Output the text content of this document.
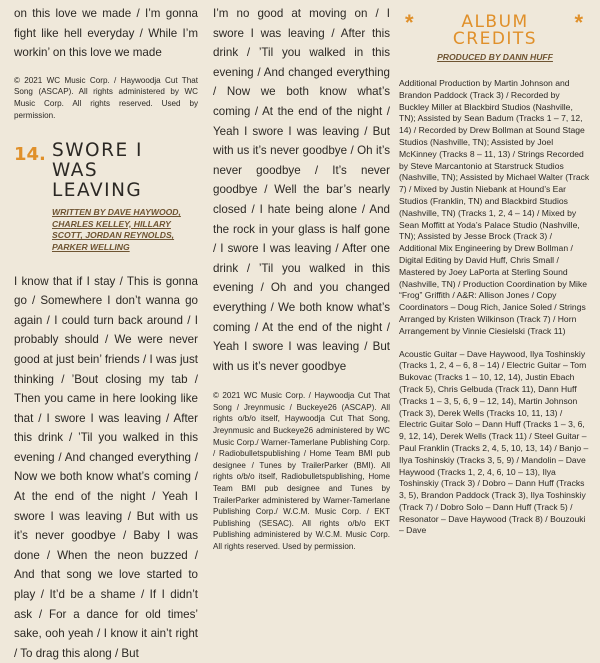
on this love we made / I’m gonna fight like hell everyday / While I’m workin’ on this love we made

© 2021 WC Music Corp. / Haywoodja Cut That Song (ASCAP). All rights administered by WC Music Corp. All rights reserved. Used by permission.

14. SWORE I WAS LEAVING
WRITTEN BY DAVE HAYWOOD, CHARLES KELLEY, HILLARY SCOTT, JORDAN REYNOLDS, PARKER WELLING

I know that if I stay / This is gonna go / Somewhere I don’t wanna go again / I could turn back around / I probably should / We were never good at just bein’ friends / I was just thinking / ’Bout closing my tab / Then you came in here looking like that / I swore I was leaving / After this drink / ’Til you walked in this evening / And changed everything / Now we both know what’s coming / At the end of the night / Yeah I swore I was leaving / But with us it’s never goodbye / Baby I was done / When the neon buzzed / And that song we love started to play / It’d be a shame / If I didn’t ask / For a dance for old times’ sake, ooh yeah / I know it ain’t right / To drag this along / But

I’m no good at moving on / I swore I was leaving / After this drink / ’Til you walked in this evening / And changed everything / Now we both know what’s coming / At the end of the night / Yeah I swore I was leaving / But with us it’s never goodbye / Oh it’s never goodbye / It’s never goodbye / Well the bar’s nearly closed / I hate being alone / And the rock in your glass is half gone / I swore I was leaving / After one drink / ’Til you walked in this evening / Oh and you changed everything / We both know what’s coming / At the end of the night / Yeah I swore I was leaving / But with us it’s never goodbye

© 2021 WC Music Corp. / Haywoodja Cut That Song / Jreynmusic / Buckeye26 (ASCAP). All rights o/b/o itself, Haywoodja Cut That Song, Jreynmusic and Buckeye26 administered by WC Music Corp./ Warner-Tamerlane Publishing Corp. / Radiobulletspublishing / Home Team BMI pub designee / Tunes by TrailerParker (BMI). All rights o/b/o itself, Radiobulletspublishing, Home Team BMI pub designee and Tunes by TrailerParker administered by Warner-Tamerlane Publishing Corp./ W.C.M. Music Corp. / EKT Publishing (SESAC). All rights o/b/o EKT Publishing administered by W.C.M. Music Corp. All rights reserved. Used by permission.

*	*
ALBUM
CREDITS
PRODUCED BY DANN HUFF

Additional Production by Martin Johnson and Brandon Paddock (Track 3) / Recorded by Buckley Miller at Blackbird Studios (Nashville, TN); Assisted by Sean Badum (Tracks 1 – 7, 12, 14) / Recorded by Drew Bollman at Sound Stage Studios (Nashville, TN); Assisted by Joel McKinney (Tracks 8 – 11, 13) / Strings Recorded by Steve Marcantonio at Starstruck Studios (Nashville, TN); Assisted by Michael Walter (Track 7) / Mixed by Justin Niebank at Hound’s Ear Studios (Franklin, TN) and Blackbird Studios (Nashville, TN) (Tracks 1, 2, 4 – 14) / Mixed by Sean Moffitt at Yoda’s Palace Studio (Nashville, TN); Assisted by Jesse Brock (Track 3) / Additional Mix Engineering by Drew Bollman / Digital Editing by David Huff, Chris Small / Mastered by Joey LaPorta at Sterling Sound (Nashville, TN) / Production Coordination by Mike “Frog” Griffith / A&R: Allison Jones / Copy Coordinators – Doug Rich, Janice Soled / Strings Arranged by Kristen Wilkinson (Track 7) / Horn Arrangement by Vinnie Ciesielski (Track 11)

Acoustic Guitar – Dave Haywood, Ilya Toshinskiy (Tracks 1, 2, 4 – 6, 8 – 14) / Electric Guitar – Tom Bukovac (Tracks 1 – 10, 12, 14), Justin Ebach (Track 5), Chris Gelbuda (Track 11), Dann Huff (Tracks 1 – 3, 5, 6, 9 – 12, 14), Martin Johnson (Track 3), Derek Wells (Tracks 10, 11, 13) / Electric Guitar Solo – Dann Huff (Tracks 1 – 3, 6, 9, 12, 14), Derek Wells (Track 11) / Steel Guitar – Paul Franklin (Tracks 2, 4, 5, 10, 13, 14) / Banjo – Ilya Toshinskiy (Tracks 3, 5, 9) / Mandolin – Dave Haywood (Tracks 1, 2, 4, 6, 10 – 13), Ilya Toshinskiy (Track 3) / Dobro – Dann Huff (Tracks 3, 5), Brandon Paddock (Track 3), Ilya Toshinskiy (Track 7) / Dobro Solo – Dann Huff (Track 5) / Resonator – Dave Haywood (Track 8) / Bouzouki – Dave
